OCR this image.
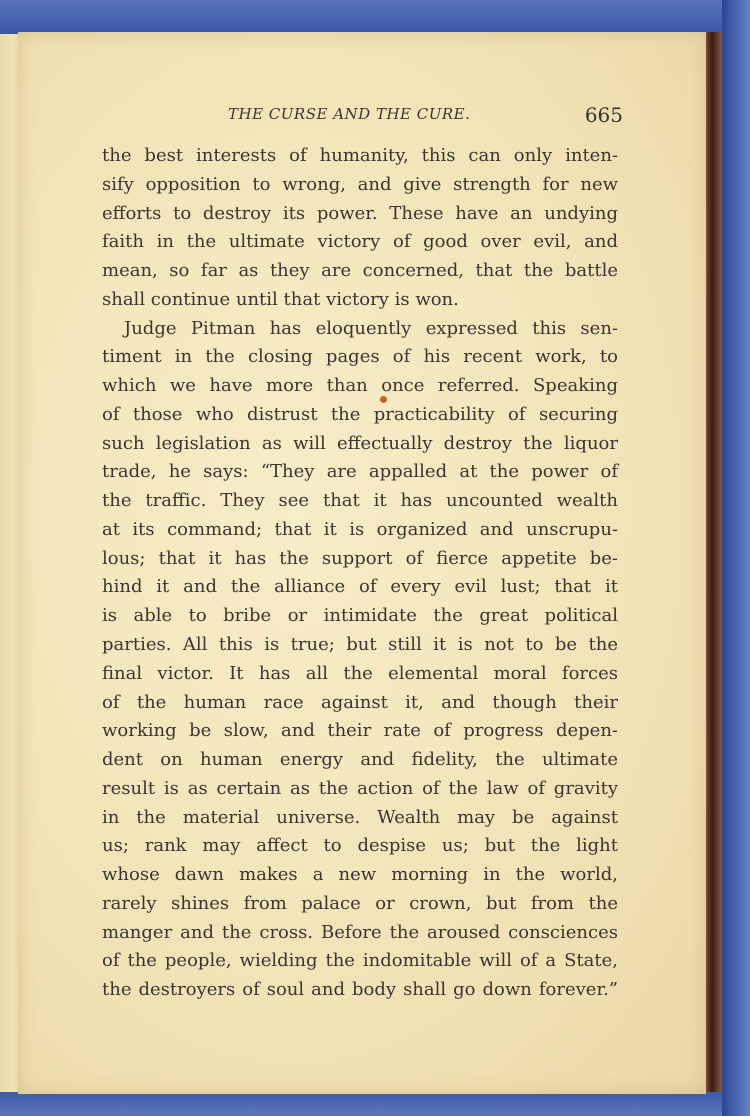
THE CURSE AND THE CURE.	665
the best interests of humanity, this can only inten-
sify opposition to wrong, and give strength for new
efforts to destroy its power. These have an undying
faith in the ultimate victory of good over evil, and
mean, so far as they are concerned, that the battle
shall continue until that victory is won.
Judge Pitman has eloquently expressed this sen-
timent in the closing pages of his recent work, to
which we have more than once referred. Speaking
of those who distrust the practicability of securing
such legislation as will effectually destroy the liquor
trade, he says: “They are appalled at the power of
the traffic. They see that it has uncounted wealth
at its command; that it is organized and unscrupu-
lous; that it has the support of fierce appetite be-
hind it and the alliance of every evil lust; that it
is able to bribe or intimidate the great political
parties. All this is true; but still it is not to be the
final victor. It has all the elemental moral forces
of the human race against it, and though their
working be slow, and their rate of progress depen-
dent on human energy and fidelity, the ultimate
result is as certain as the action of the law of gravity
in the material universe. Wealth may be against
us; rank may affect to despise us; but the light
whose dawn makes a new morning in the world,
rarely shines from palace or crown, but from the
manger and the cross. Before the aroused consciences
of the people, wielding the indomitable will of a State,
the destroyers of soul and body shall go down forever.”
